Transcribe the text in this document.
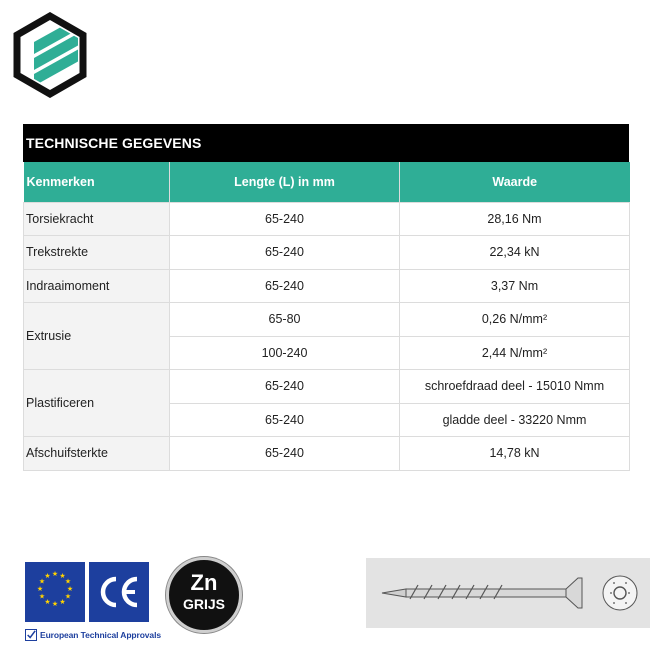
TECHNISCHE GEGEVENS
Kenmerken	Lengte (L) in mm	Waarde
Torsiekracht	65-240	28,16 Nm
Trekstrekte	65-240	22,34 kN
Indraaimoment	65-240	3,37 Nm
Extrusie	65-80	0,26 N/mm²
	100-240	2,44 N/mm²
Plastificeren	65-240	schroefdraad deel - 15010 Nmm
	65-240	gladde deel - 33220 Nmm
Afschuifsterkte	65-240	14,78 kN
★ ★
★
★
★
★
★
★
★
★
★
★
European Technical Approvals
Zn
GRIJS
